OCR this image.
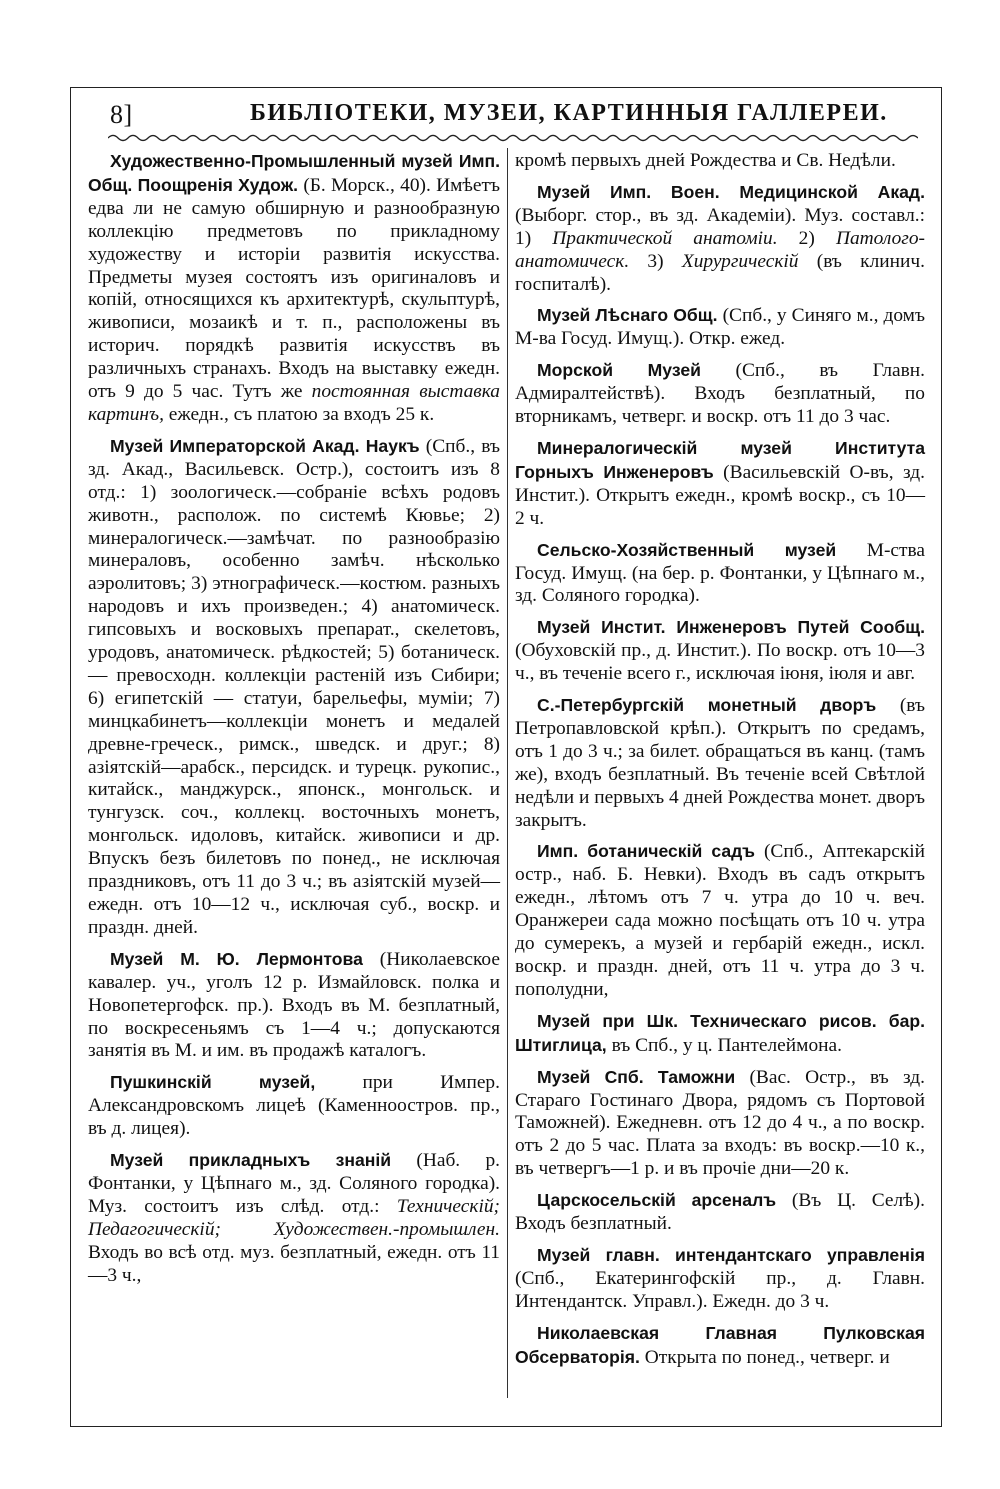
8]	БИБЛІОТЕКИ, МУЗЕИ, КАРТИННЫЯ ГАЛЛЕРЕИ.

Художественно-Промышленный музей Имп. Общ. Поощренія Худож. (Б. Морск., 40). Имѣетъ едва ли не самую обширную и разнообразную коллекцію предметовъ по прикладному художеству и исторіи развитія искусства. Предметы музея состоятъ изъ оригиналовъ и копій, относящихся къ архитектурѣ, скульптурѣ, живописи, мозаикѣ и т. п., расположены въ историч. порядкѣ развитія искусствъ въ различныхъ странахъ. Входъ на выставку ежедн. отъ 9 до 5 час. Тутъ же постоянная выставка картинъ, ежедн., съ платою за входъ 25 к.

Музей Императорской Акад. Наукъ (Спб., въ зд. Акад., Васильевск. Остр.), состоитъ изъ 8 отд.: 1) зоологическ.—собраніе всѣхъ родовъ животн., располож. по системѣ Кювье; 2) минералогическ.—замѣчат. по разнообразію минераловъ, особенно замѣч. нѣсколько аэролитовъ; 3) этнографическ.—костюм. разныхъ народовъ и ихъ произведен.; 4) анатомическ. гипсовыхъ и восковыхъ препарат., скелетовъ, уродовъ, анатомическ. рѣдкостей; 5) ботаническ. — превосходн. коллекціи растеній изъ Сибири; 6) египетскій — статуи, барельефы, муміи; 7) минцкабинетъ—коллекціи монетъ и медалей древне-греческ., римск., шведск. и друг.; 8) азіятскій—арабск., персидск. и турецк. рукопис., китайск., манджурск., японск., монгольск. и тунгузск. соч., коллекц. восточныхъ монетъ, монгольск. идоловъ, китайск. живописи и др. Впускъ безъ билетовъ по понед., не исключая праздниковъ, отъ 11 до 3 ч.; въ азіятскій музей—ежедн. отъ 10—12 ч., исключая суб., воскр. и праздн. дней.

Музей М. Ю. Лермонтова (Николаевское кавалер. уч., уголъ 12 р. Измайловск. полка и Новопетергофск. пр.). Входъ въ М. безплатный, по воскресеньямъ съ 1—4 ч.; допускаются занятія въ М. и им. въ продажѣ каталогъ.

Пушкинскій музей, при Импер. Александровскомъ лицеѣ (Каменноостров. пр., въ д. лицея).

Музей прикладныхъ знаній (Наб. р. Фонтанки, у Цѣпнаго м., зд. Соляного городка). Муз. состоитъ изъ слѣд. отд.: Техническій; Педагогическій; Художествен.-промышлен. Входъ во всѣ отд. муз. безплатный, ежедн. отъ 11—3 ч.,

кромѣ первыхъ дней Рождества и Св. Недѣли.

Музей Имп. Воен. Медицинской Акад. (Выборг. стор., въ зд. Академіи). Муз. составл.: 1) Практической анатоміи. 2) Патолого-анатомическ. 3) Хирургическій (въ клинич. госпиталѣ).

Музей Лѣснаго Общ. (Спб., у Синяго м., домъ М-ва Госуд. Имущ.). Откр. ежед.

Морской Музей (Спб., въ Главн. Адмиралтействѣ). Входъ безплатный, по вторникамъ, четверг. и воскр. отъ 11 до 3 час.

Минералогическій музей Института Горныхъ Инженеровъ (Васильевскій О-въ, зд. Инстит.). Открытъ ежедн., кромѣ воскр., съ 10—2 ч.

Сельско-Хозяйственный музей М-ства Госуд. Имущ. (на бер. р. Фонтанки, у Цѣпнаго м., зд. Соляного городка).

Музей Инстит. Инженеровъ Путей Сообщ. (Обуховскій пр., д. Инстит.). По воскр. отъ 10—3 ч., въ теченіе всего г., исключая іюня, іюля и авг.

С.-Петербургскій монетный дворъ (въ Петропавловской крѣп.). Открытъ по средамъ, отъ 1 до 3 ч.; за билет. обращаться въ канц. (тамъ же), входъ безплатный. Въ теченіе всей Свѣтлой недѣли и первыхъ 4 дней Рождества монет. дворъ закрытъ.

Имп. ботаническій садъ (Спб., Аптекарскій остр., наб. Б. Невки). Входъ въ садъ открытъ ежедн., лѣтомъ отъ 7 ч. утра до 10 ч. веч. Оранжереи сада можно посѣщать отъ 10 ч. утра до сумерекъ, а музей и гербарій ежедн., искл. воскр. и праздн. дней, отъ 11 ч. утра до 3 ч. пополудни,

Музей при Шк. Техническаго рисов. бар. Штиглица, въ Спб., у ц. Пантелеймона.

Музей Спб. Таможни (Вас. Остр., въ зд. Стараго Гостинаго Двора, рядомъ съ Портовой Таможней). Ежедневн. отъ 12 до 4 ч., а по воскр. отъ 2 до 5 час. Плата за входъ: въ воскр.—10 к., въ четвергъ—1 р. и въ прочіе дни—20 к.

Царскосельскій арсеналъ (Въ Ц. Селѣ). Входъ безплатный.

Музей главн. интендантскаго управленія (Спб., Екатерингофскій пр., д. Главн. Интендантск. Управл.). Ежедн. до 3 ч.

Николаевская Главная Пулковская Обсерваторія. Открыта по понед., четверг. и
